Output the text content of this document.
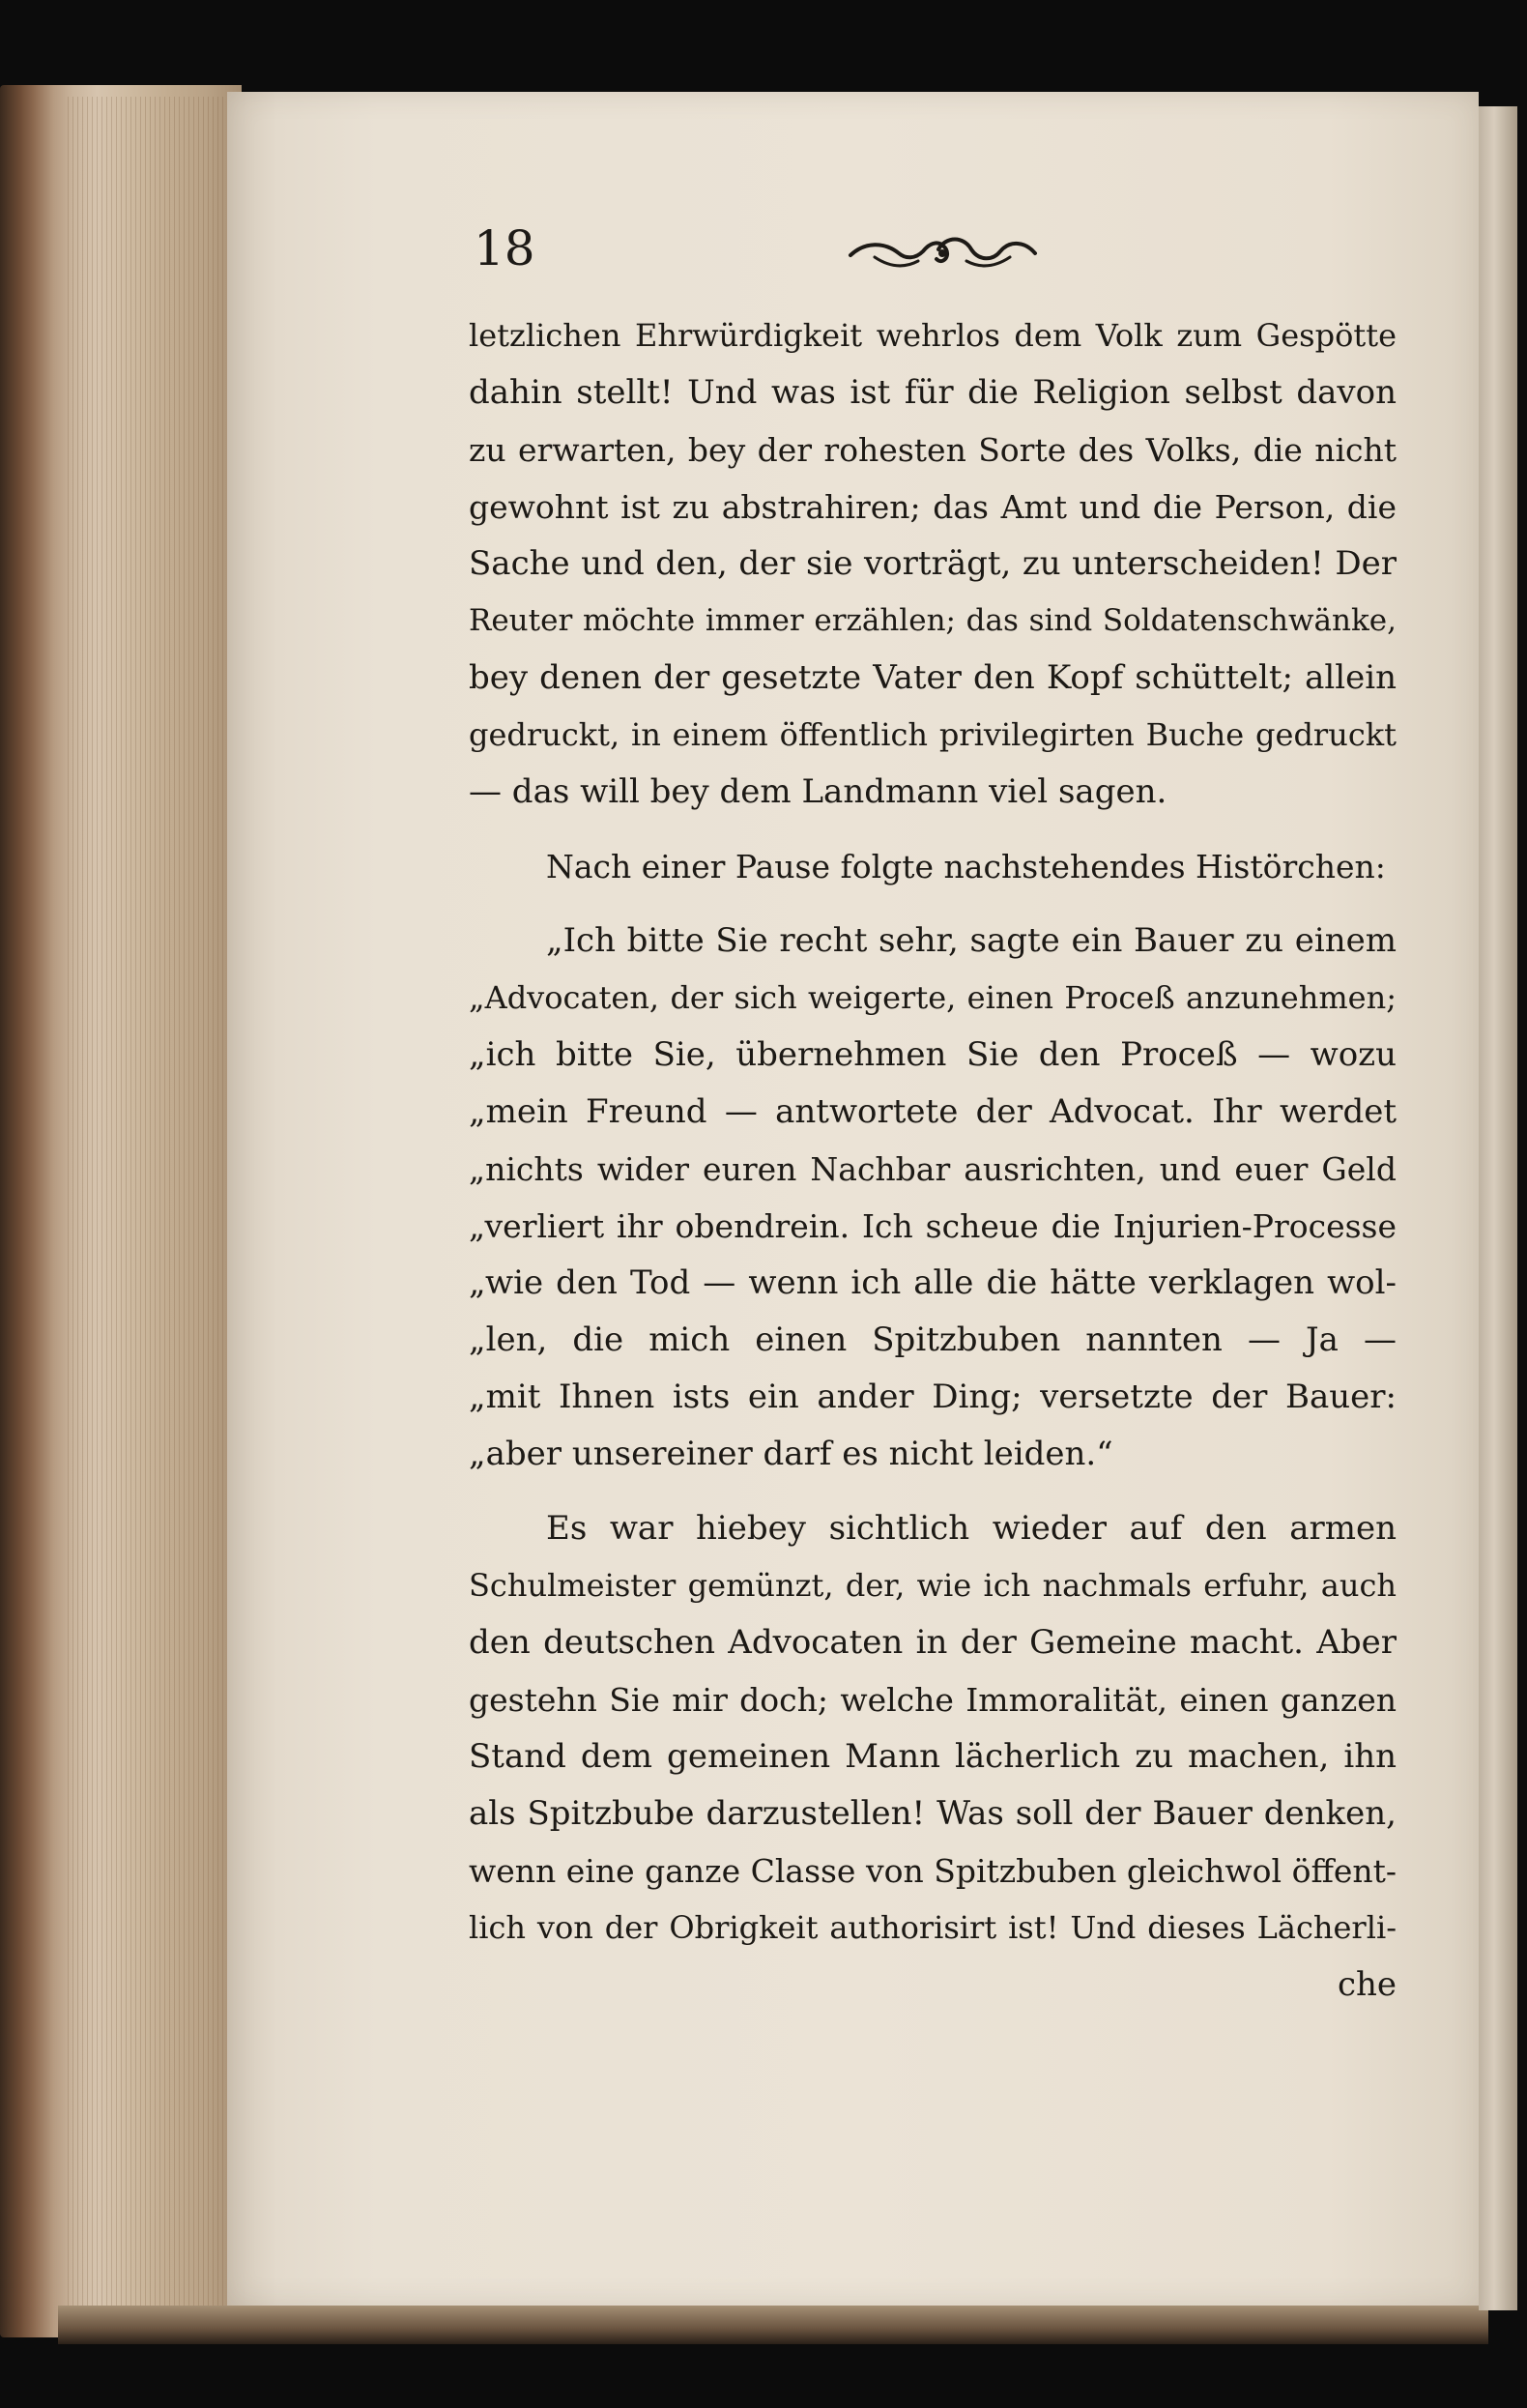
18
letzlichen Ehrwürdigkeit wehrlos dem Volk zum Gespötte
dahin stellt! Und was ist für die Religion selbst davon
zu erwarten, bey der rohesten Sorte des Volks, die nicht
gewohnt ist zu abstrahiren; das Amt und die Person, die
Sache und den, der sie vorträgt, zu unterscheiden! Der
Reuter möchte immer erzählen; das sind Soldatenschwänke,
bey denen der gesetzte Vater den Kopf schüttelt; allein
gedruckt, in einem öffentlich privilegirten Buche gedruckt
— das will bey dem Landmann viel sagen.
Nach einer Pause folgte nachstehendes Histörchen:
„Ich bitte Sie recht sehr, sagte ein Bauer zu einem
„Advocaten, der sich weigerte, einen Proceß anzunehmen;
„ich bitte Sie, übernehmen Sie den Proceß — wozu
„mein Freund — antwortete der Advocat. Ihr werdet
„nichts wider euren Nachbar ausrichten, und euer Geld
„verliert ihr obendrein. Ich scheue die Injurien-Processe
„wie den Tod — wenn ich alle die hätte verklagen wol-
„len, die mich einen Spitzbuben nannten — Ja —
„mit Ihnen ists ein ander Ding; versetzte der Bauer:
„aber unsereiner darf es nicht leiden.“
Es war hiebey sichtlich wieder auf den armen
Schulmeister gemünzt, der, wie ich nachmals erfuhr, auch
den deutschen Advocaten in der Gemeine macht. Aber
gestehn Sie mir doch; welche Immoralität, einen ganzen
Stand dem gemeinen Mann lächerlich zu machen, ihn
als Spitzbube darzustellen! Was soll der Bauer denken,
wenn eine ganze Classe von Spitzbuben gleichwol öffent-
lich von der Obrigkeit authorisirt ist! Und dieses Lächerli-
che
